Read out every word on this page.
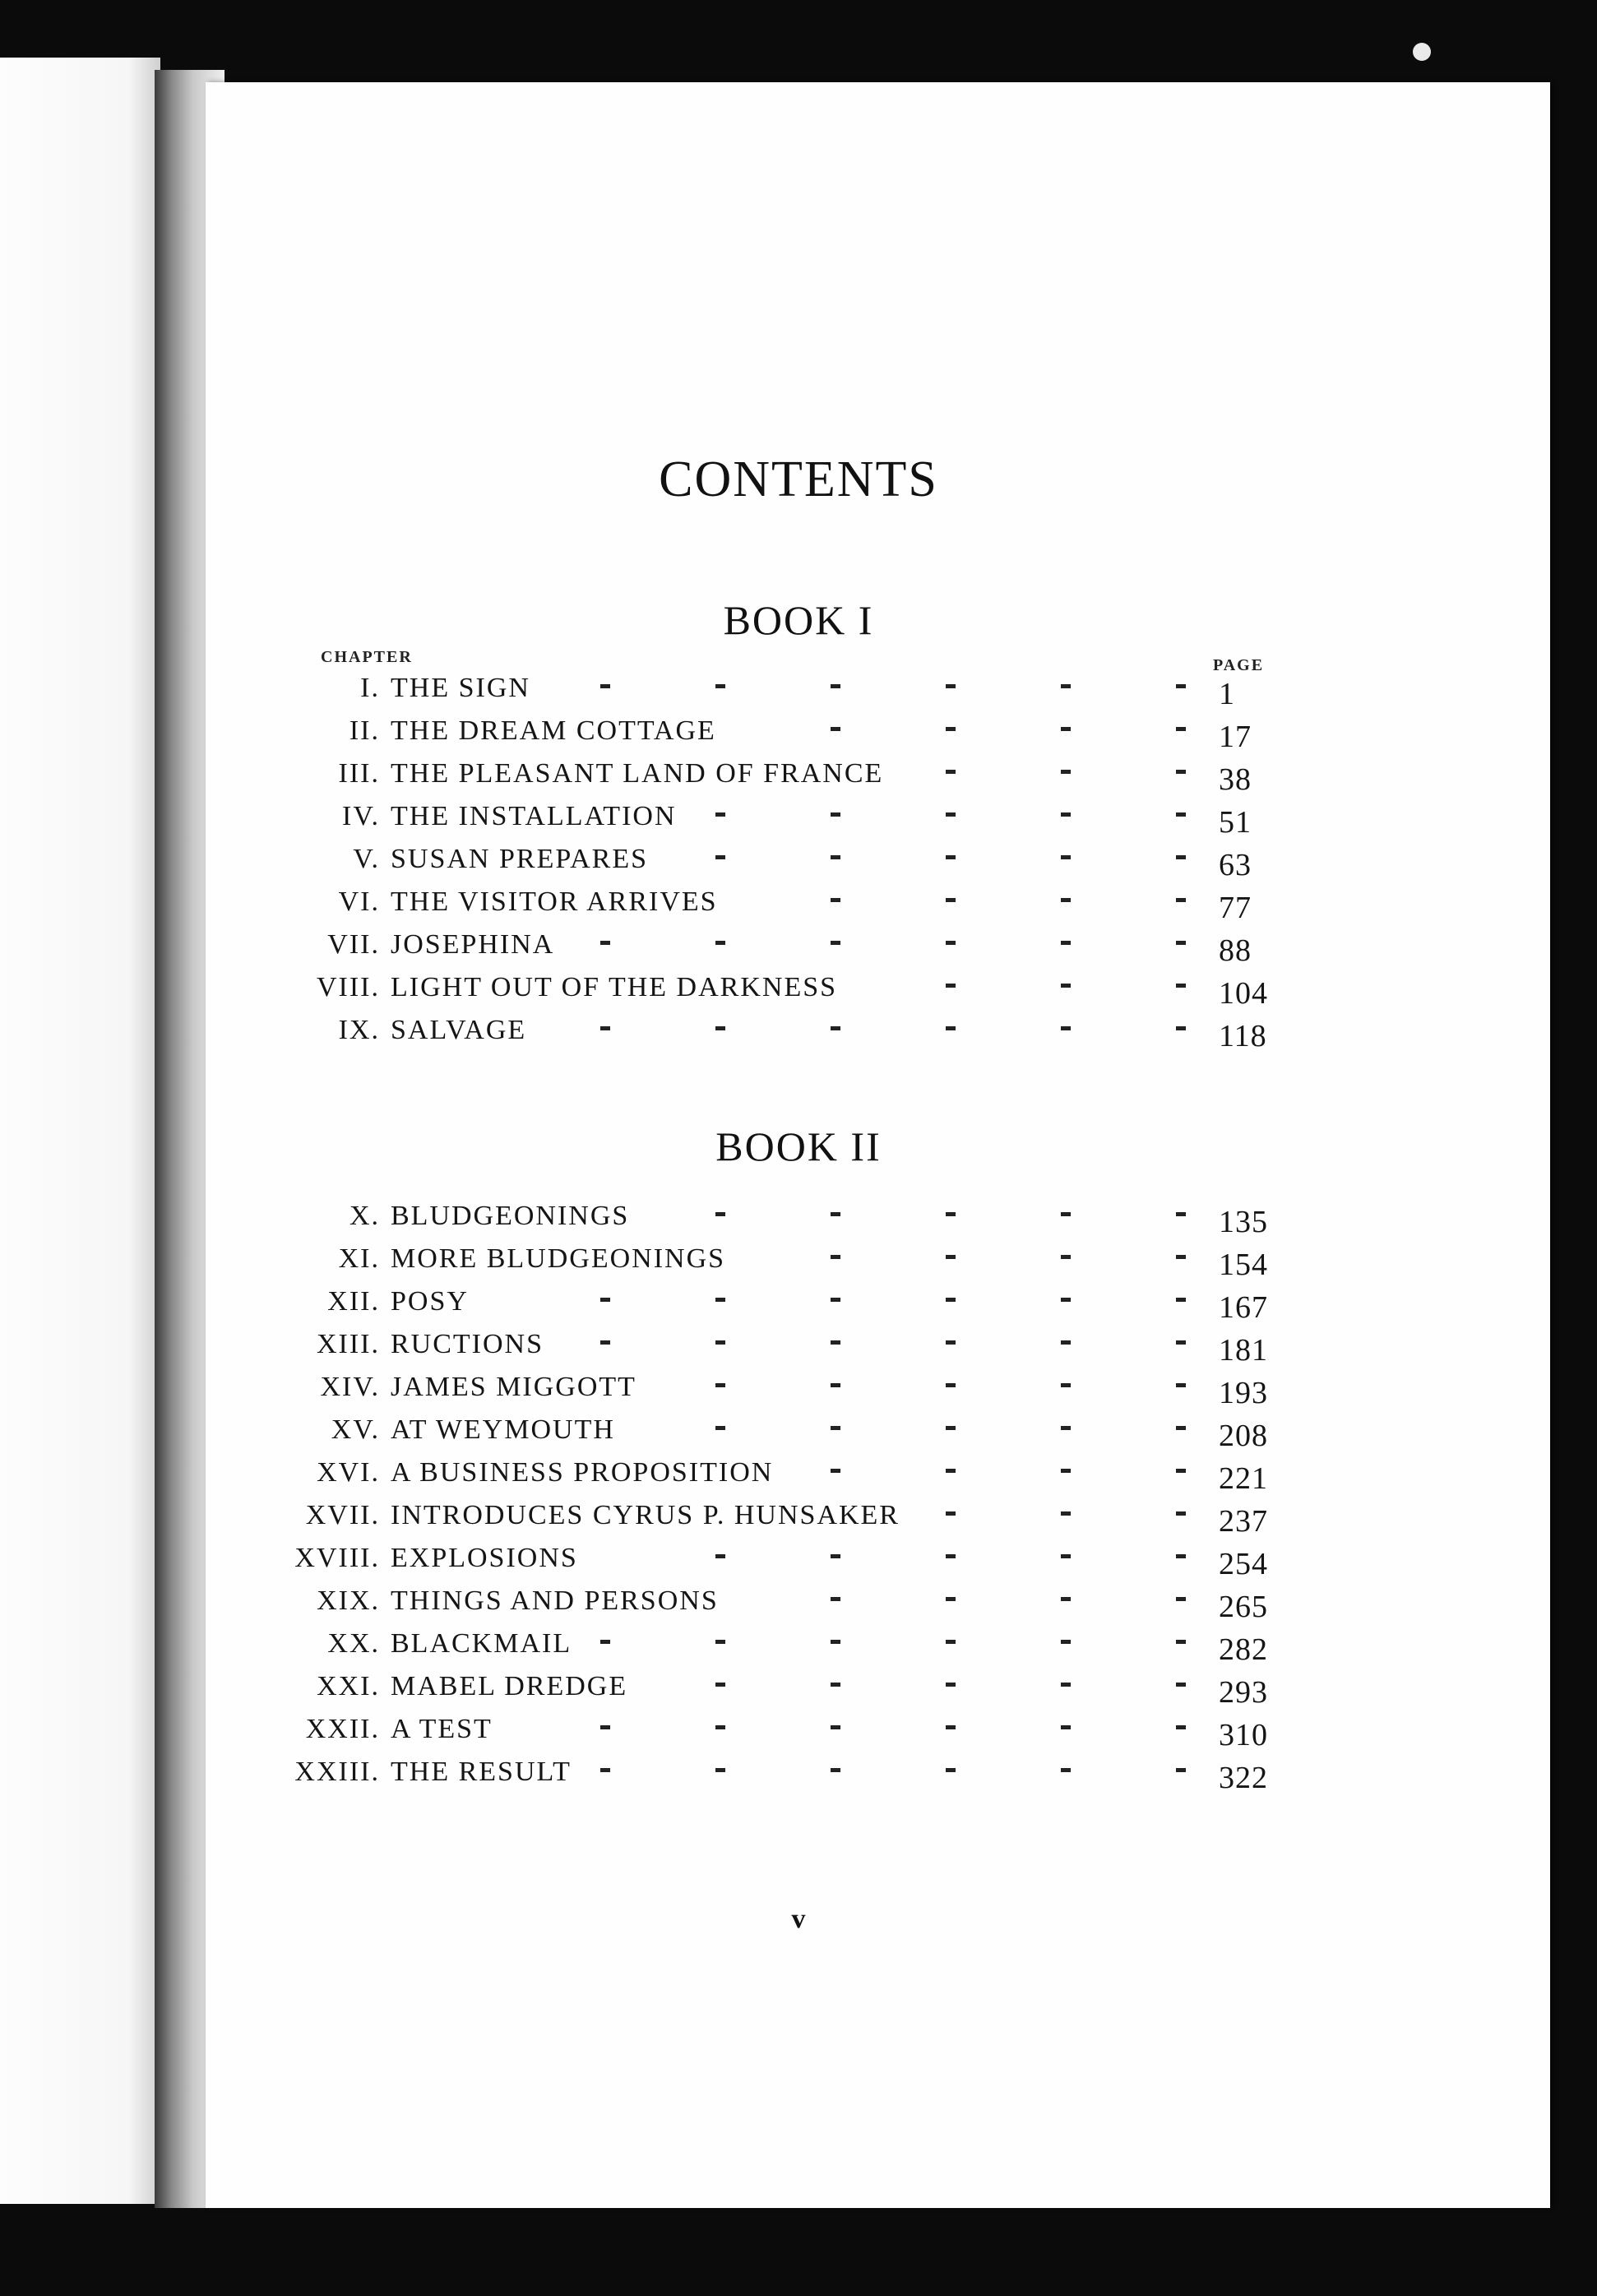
CONTENTS
BOOK I
CHAPTER	PAGE
I. THE SIGN	1
II. THE DREAM COTTAGE	17
III. THE PLEASANT LAND OF FRANCE	38
IV. THE INSTALLATION	51
V. SUSAN PREPARES	63
VI. THE VISITOR ARRIVES	77
VII. JOSEPHINA	88
VIII. LIGHT OUT OF THE DARKNESS	104
IX. SALVAGE	118
BOOK II
X. BLUDGEONINGS	135
XI. MORE BLUDGEONINGS	154
XII. POSY	167
XIII. RUCTIONS	181
XIV. JAMES MIGGOTT	193
XV. AT WEYMOUTH	208
XVI. A BUSINESS PROPOSITION	221
XVII. INTRODUCES CYRUS P. HUNSAKER	237
XVIII. EXPLOSIONS	254
XIX. THINGS AND PERSONS	265
XX. BLACKMAIL	282
XXI. MABEL DREDGE	293
XXII. A TEST	310
XXIII. THE RESULT	322
v
